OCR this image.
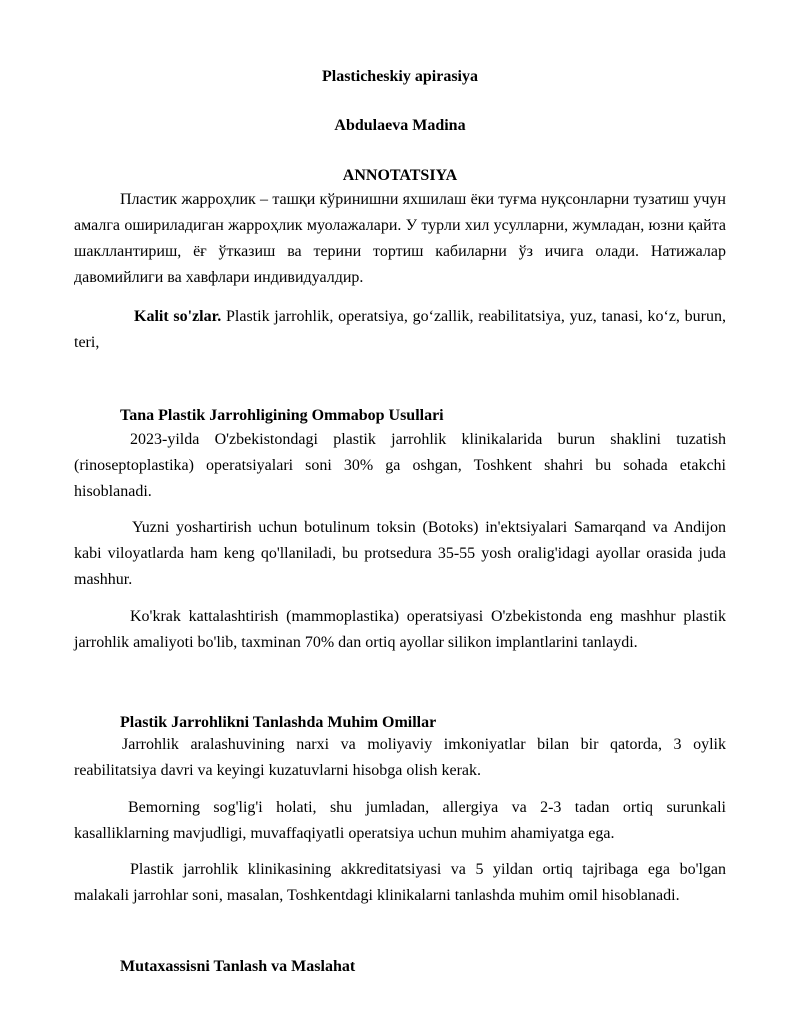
Plasticheskiy apirasiya
Abdulaeva Madina
ANNOTATSIYA
Пластик жарроҳлик – ташқи кўринишни яхшилаш ёки туғма нуқсонларни тузатиш учун амалга ошириладиган жарроҳлик муолажалари. У турли хил усулларни, жумладан, юзни қайта шакллантириш, ёғ ўтказиш ва терини тортиш кабиларни ўз ичига олади. Натижалар давомийлиги ва хавфлари индивидуалдир.
Kalit so'zlar. Plastik jarrohlik, operatsiya, go‘zallik, reabilitatsiya, yuz, tanasi, ko‘z, burun, teri,
Tana Plastik Jarrohligining Ommabop Usullari
2023-yilda O'zbekistondagi plastik jarrohlik klinikalarida burun shaklini tuzatish (rinoseptoplastika) operatsiyalari soni 30% ga oshgan, Toshkent shahri bu sohada etakchi hisoblanadi.
Yuzni yoshartirish uchun botulinum toksin (Botoks) in'ektsiyalari Samarqand va Andijon kabi viloyatlarda ham keng qo'llaniladi, bu protsedura 35-55 yosh oralig'idagi ayollar orasida juda mashhur.
Ko'krak kattalashtirish (mammoplastika) operatsiyasi O'zbekistonda eng mashhur plastik jarrohlik amaliyoti bo'lib, taxminan 70% dan ortiq ayollar silikon implantlarini tanlaydi.
Plastik Jarrohlikni Tanlashda Muhim Omillar
Jarrohlik aralashuvining narxi va moliyaviy imkoniyatlar bilan bir qatorda, 3 oylik reabilitatsiya davri va keyingi kuzatuvlarni hisobga olish kerak.
Bemorning sog'lig'i holati, shu jumladan, allergiya va 2-3 tadan ortiq surunkali kasalliklarning mavjudligi, muvaffaqiyatli operatsiya uchun muhim ahamiyatga ega.
Plastik jarrohlik klinikasining akkreditatsiyasi va 5 yildan ortiq tajribaga ega bo'lgan malakali jarrohlar soni, masalan, Toshkentdagi klinikalarni tanlashda muhim omil hisoblanadi.
Mutaxassisni Tanlash va Maslahat
